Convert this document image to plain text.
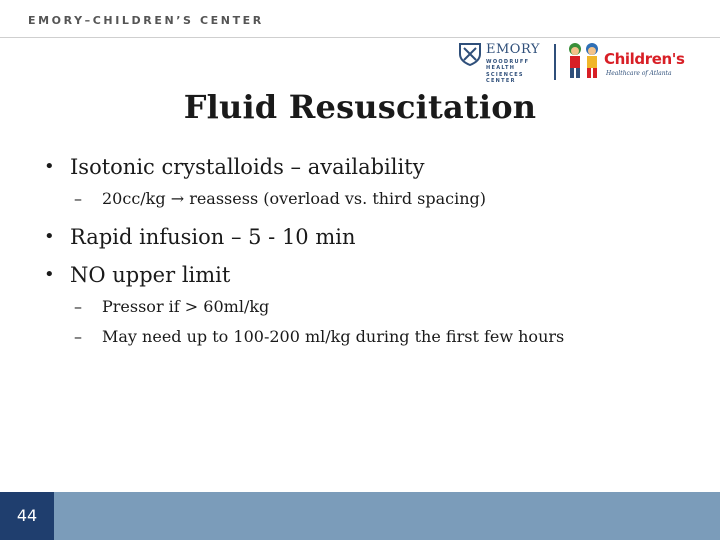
EMORY–CHILDREN’S CENTER
EMORY
WOODRUFF
HEALTH
SCIENCES
CENTER
Children's
Healthcare of Atlanta
Fluid Resuscitation
• Isotonic crystalloids – availability
– 20cc/kg → reassess (overload vs. third spacing)
• Rapid infusion – 5 - 10 min
• NO upper limit
– Pressor if > 60ml/kg
– May need up to 100-200 ml/kg during the first few hours
44
